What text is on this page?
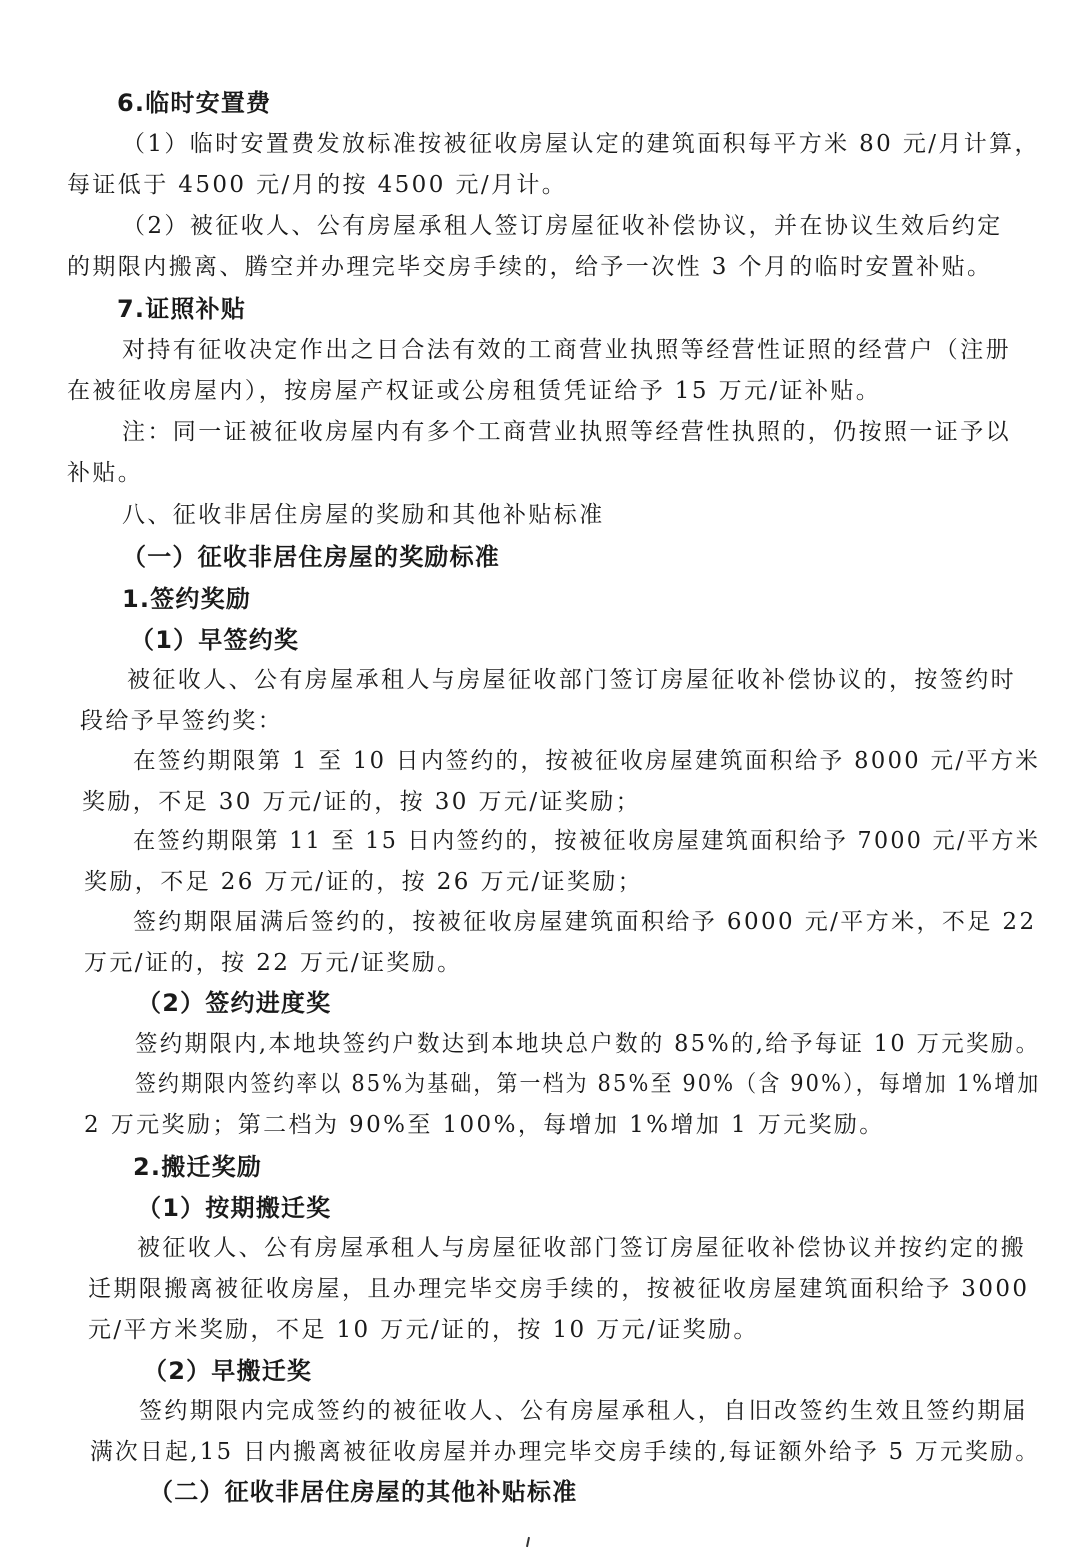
6.临时安置费

（1）临时安置费发放标准按被征收房屋认定的建筑面积每平方米 80 元/月计算，

每证低于 4500 元/月的按 4500 元/月计。

（2）被征收人、公有房屋承租人签订房屋征收补偿协议，并在协议生效后约定

的期限内搬离、腾空并办理完毕交房手续的，给予一次性 3 个月的临时安置补贴。

7.证照补贴

对持有征收决定作出之日合法有效的工商营业执照等经营性证照的经营户（注册

在被征收房屋内），按房屋产权证或公房租赁凭证给予 15 万元/证补贴。

注：同一证被征收房屋内有多个工商营业执照等经营性执照的，仍按照一证予以

补贴。

八、征收非居住房屋的奖励和其他补贴标准

（一）征收非居住房屋的奖励标准

1.签约奖励

（1）早签约奖

被征收人、公有房屋承租人与房屋征收部门签订房屋征收补偿协议的，按签约时

段给予早签约奖：

在签约期限第 1 至 10 日内签约的，按被征收房屋建筑面积给予 8000 元/平方米

奖励，不足 30 万元/证的，按 30 万元/证奖励；

在签约期限第 11 至 15 日内签约的，按被征收房屋建筑面积给予 7000 元/平方米

奖励，不足 26 万元/证的，按 26 万元/证奖励；

签约期限届满后签约的，按被征收房屋建筑面积给予 6000 元/平方米，不足 22

万元/证的，按 22 万元/证奖励。

（2）签约进度奖

签约期限内,本地块签约户数达到本地块总户数的 85%的,给予每证 10 万元奖励。

签约期限内签约率以 85%为基础，第一档为 85%至 90%（含 90%），每增加 1%增加

2 万元奖励；第二档为 90%至 100%，每增加 1%增加 1 万元奖励。

2.搬迁奖励

（1）按期搬迁奖

被征收人、公有房屋承租人与房屋征收部门签订房屋征收补偿协议并按约定的搬

迁期限搬离被征收房屋，且办理完毕交房手续的，按被征收房屋建筑面积给予 3000

元/平方米奖励，不足 10 万元/证的，按 10 万元/证奖励。

（2）早搬迁奖

签约期限内完成签约的被征收人、公有房屋承租人，自旧改签约生效且签约期届

满次日起,15 日内搬离被征收房屋并办理完毕交房手续的,每证额外给予 5 万元奖励。

（二）征收非居住房屋的其他补贴标准
